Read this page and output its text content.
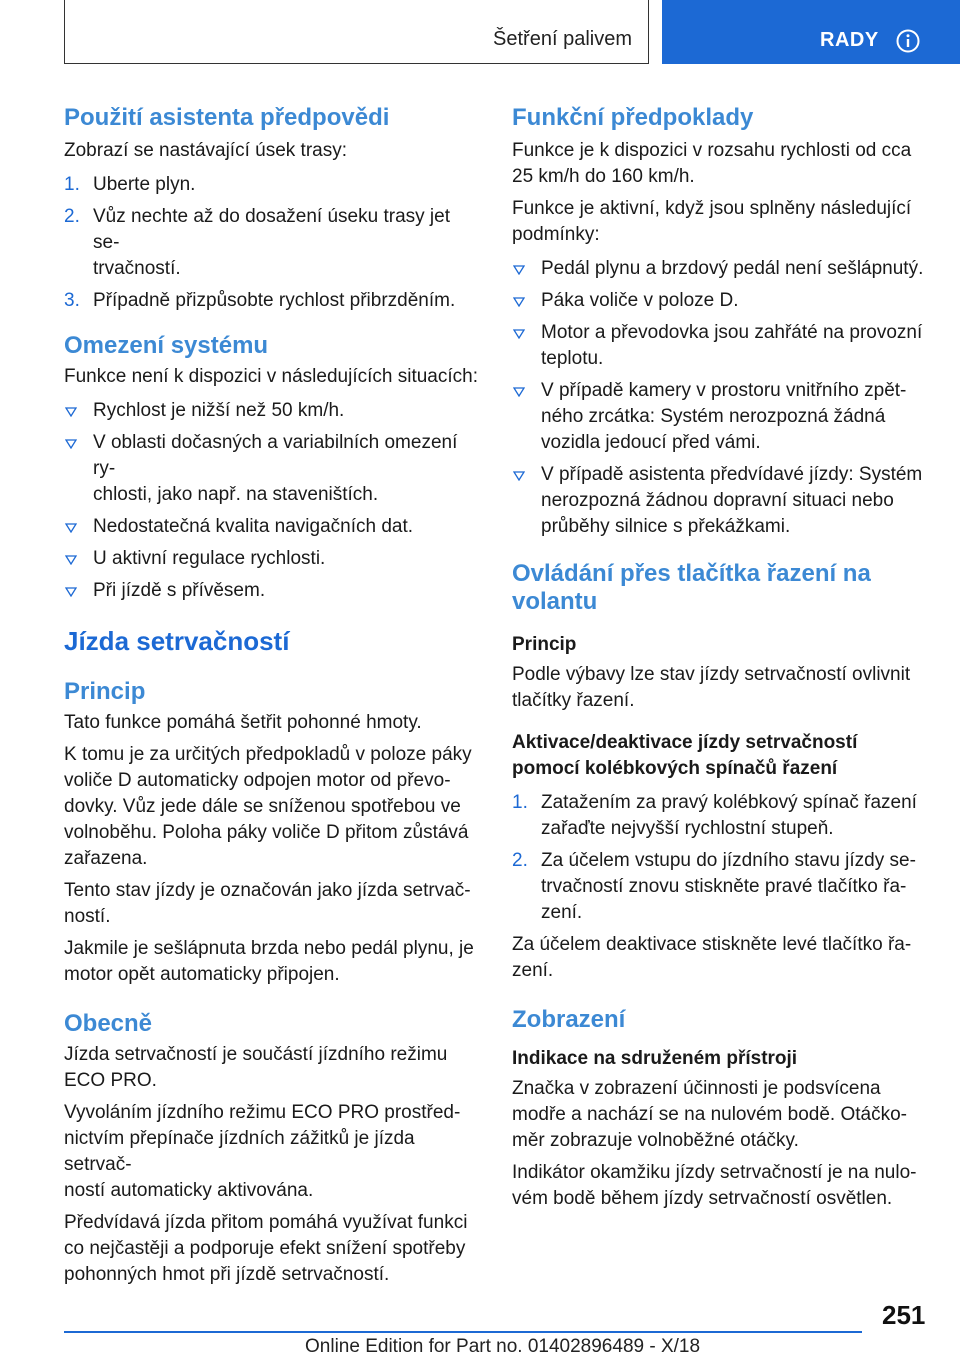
Šetření palivem	RADY
Použití asistenta předpovědi

Zobrazí se nastávající úsek trasy:

1. Uberte plyn.
2. Vůz nechte až do dosažení úseku trasy jet se‐
trvačností.
3. Případně přizpůsobte rychlost přibrzděním.
Omezení systému

Funkce není k dispozici v následujících situacích:

Rychlost je nižší než 50 km/h.
V oblasti dočasných a variabilních omezení ry‐
chlosti, jako např. na staveništích.
Nedostatečná kvalita navigačních dat.
U aktivní regulace rychlosti.
Při jízdě s přívěsem.
Jízda setrvačností
Princip

Tato funkce pomáhá šetřit pohonné hmoty.

K tomu je za určitých předpokladů v poloze páky
voliče D automaticky odpojen motor od převo‐
dovky. Vůz jede dále se sníženou spotřebou ve
volnoběhu. Poloha páky voliče D přitom zůstává
zařazena.

Tento stav jízdy je označován jako jízda setrvač‐
ností.

Jakmile je sešlápnuta brzda nebo pedál plynu, je
motor opět automaticky připojen.

Obecně

Jízda setrvačností je součástí jízdního režimu
ECO PRO.

Vyvoláním jízdního režimu ECO PRO prostřed‐
nictvím přepínače jízdních zážitků je jízda setrvač‐
ností automaticky aktivována.

Předvídavá jízda přitom pomáhá využívat funkci
co nejčastěji a podporuje efekt snížení spotřeby
pohonných hmot při jízdě setrvačností.

Funkční předpoklady

Funkce je k dispozici v rozsahu rychlosti od cca
25 km/h do 160 km/h.

Funkce je aktivní, když jsou splněny následující
podmínky:

Pedál plynu a brzdový pedál není sešlápnutý.
Páka voliče v poloze D.
Motor a převodovka jsou zahřáté na provozní
teplotu.
V případě kamery v prostoru vnitřního zpět‐
ného zrcátka: Systém nerozpozná žádná
vozidla jedoucí před vámi.
V případě asistenta předvídavé jízdy: Systém
nerozpozná žádnou dopravní situaci nebo
průběhy silnice s překážkami.
Ovládání přes tlačítka řazení na
volantu
Princip

Podle výbavy lze stav jízdy setrvačností ovlivnit
tlačítky řazení.

Aktivace/deaktivace jízdy setrvačností
pomocí kolébkových spínačů řazení
1. Zatažením za pravý kolébkový spínač řazení
zařaďte nejvyšší rychlostní stupeň.
2. Za účelem vstupu do jízdního stavu jízdy se‐
trvačností znovu stiskněte pravé tlačítko řa‐
zení.

Za účelem deaktivace stiskněte levé tlačítko řa‐
zení.

Zobrazení
Indikace na sdruženém přístroji

Značka v zobrazení účinnosti je podsvícena
modře a nachází se na nulovém bodě. Otáčko‐
měr zobrazuje volnoběžné otáčky.

Indikátor okamžiku jízdy setrvačností je na nulo‐
vém bodě během jízdy setrvačností osvětlen.

251
Online Edition for Part no. 01402896489 - X/18
